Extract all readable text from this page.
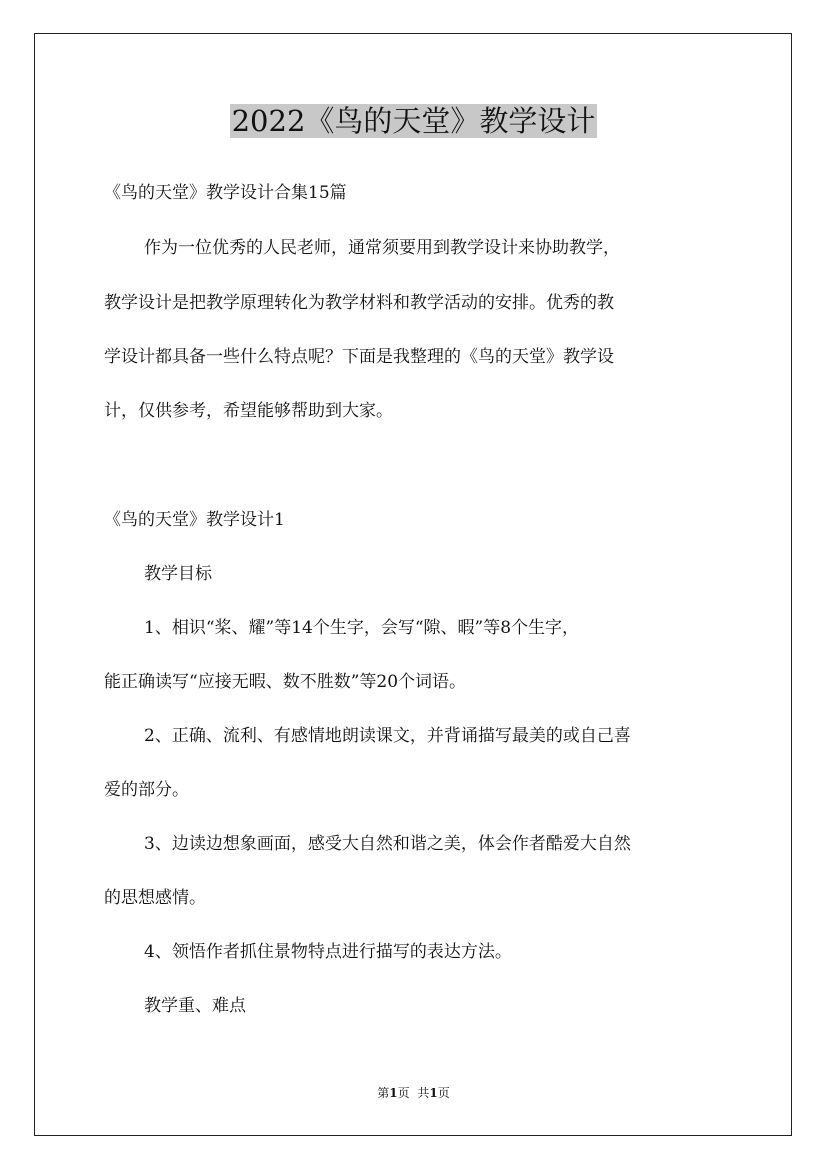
2022《鸟的天堂》教学设计

《鸟的天堂》教学设计合集15篇

作为一位优秀的人民老师，通常须要用到教学设计来协助教学，

教学设计是把教学原理转化为教学材料和教学活动的安排。优秀的教

学设计都具备一些什么特点呢？下面是我整理的《鸟的天堂》教学设

计，仅供参考，希望能够帮助到大家。

《鸟的天堂》教学设计1

教学目标

1、相识“桨、耀”等14个生字，会写“隙、暇”等8个生字，

能正确读写“应接无暇、数不胜数”等20个词语。

2、正确、流利、有感情地朗读课文，并背诵描写最美的或自己喜

爱的部分。

3、边读边想象画面，感受大自然和谐之美，体会作者酷爱大自然

的思想感情。

4、领悟作者抓住景物特点进行描写的表达方法。

教学重、难点

第1页 共1页
